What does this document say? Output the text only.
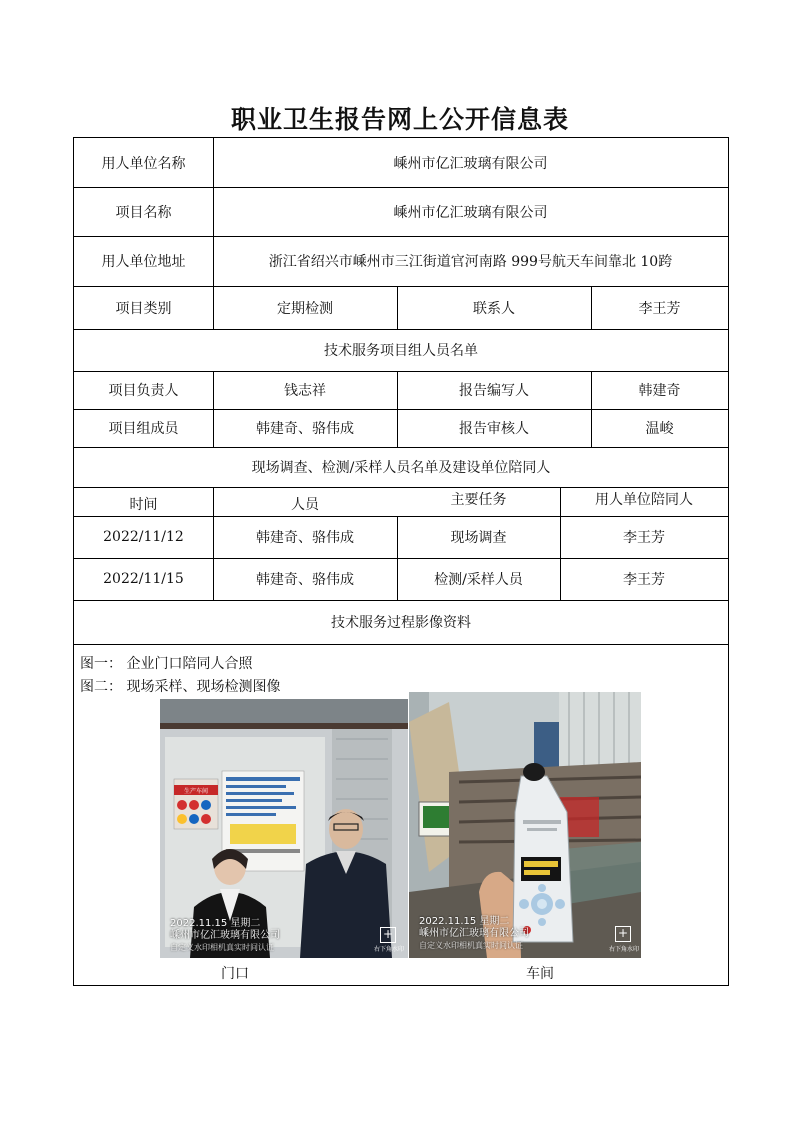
职业卫生报告网上公开信息表
用人单位名称	嵊州市亿汇玻璃有限公司
项目名称	嵊州市亿汇玻璃有限公司
用人单位地址	浙江省绍兴市嵊州市三江街道官河南路 999号航天车间靠北 10跨
项目类别	定期检测	联系人	李王芳
技术服务项目组人员名单
项目负责人	钱志祥	报告编写人	韩建奇
项目组成员	韩建奇、骆伟成	报告审核人	温峻
现场调查、检测/采样人员名单及建设单位陪同人
时间	人员	主要任务	用人单位陪同人
2022/11/12	韩建奇、骆伟成	现场调查	李王芳
2022/11/15	韩建奇、骆伟成	检测/采样人员	李王芳
技术服务过程影像资料
图一： 企业门口陪同人合照
图二： 现场采样、现场检测图像
生产车间
2022.11.15 星期二
嵊州市亿汇玻璃有限公司
自定义水印相机真实时间认证
+
右下角水印
2022.11.15 星期二
嵊州市亿汇玻璃有限公司
自定义水印相机真实时间认证
+
右下角水印
门口	车间
